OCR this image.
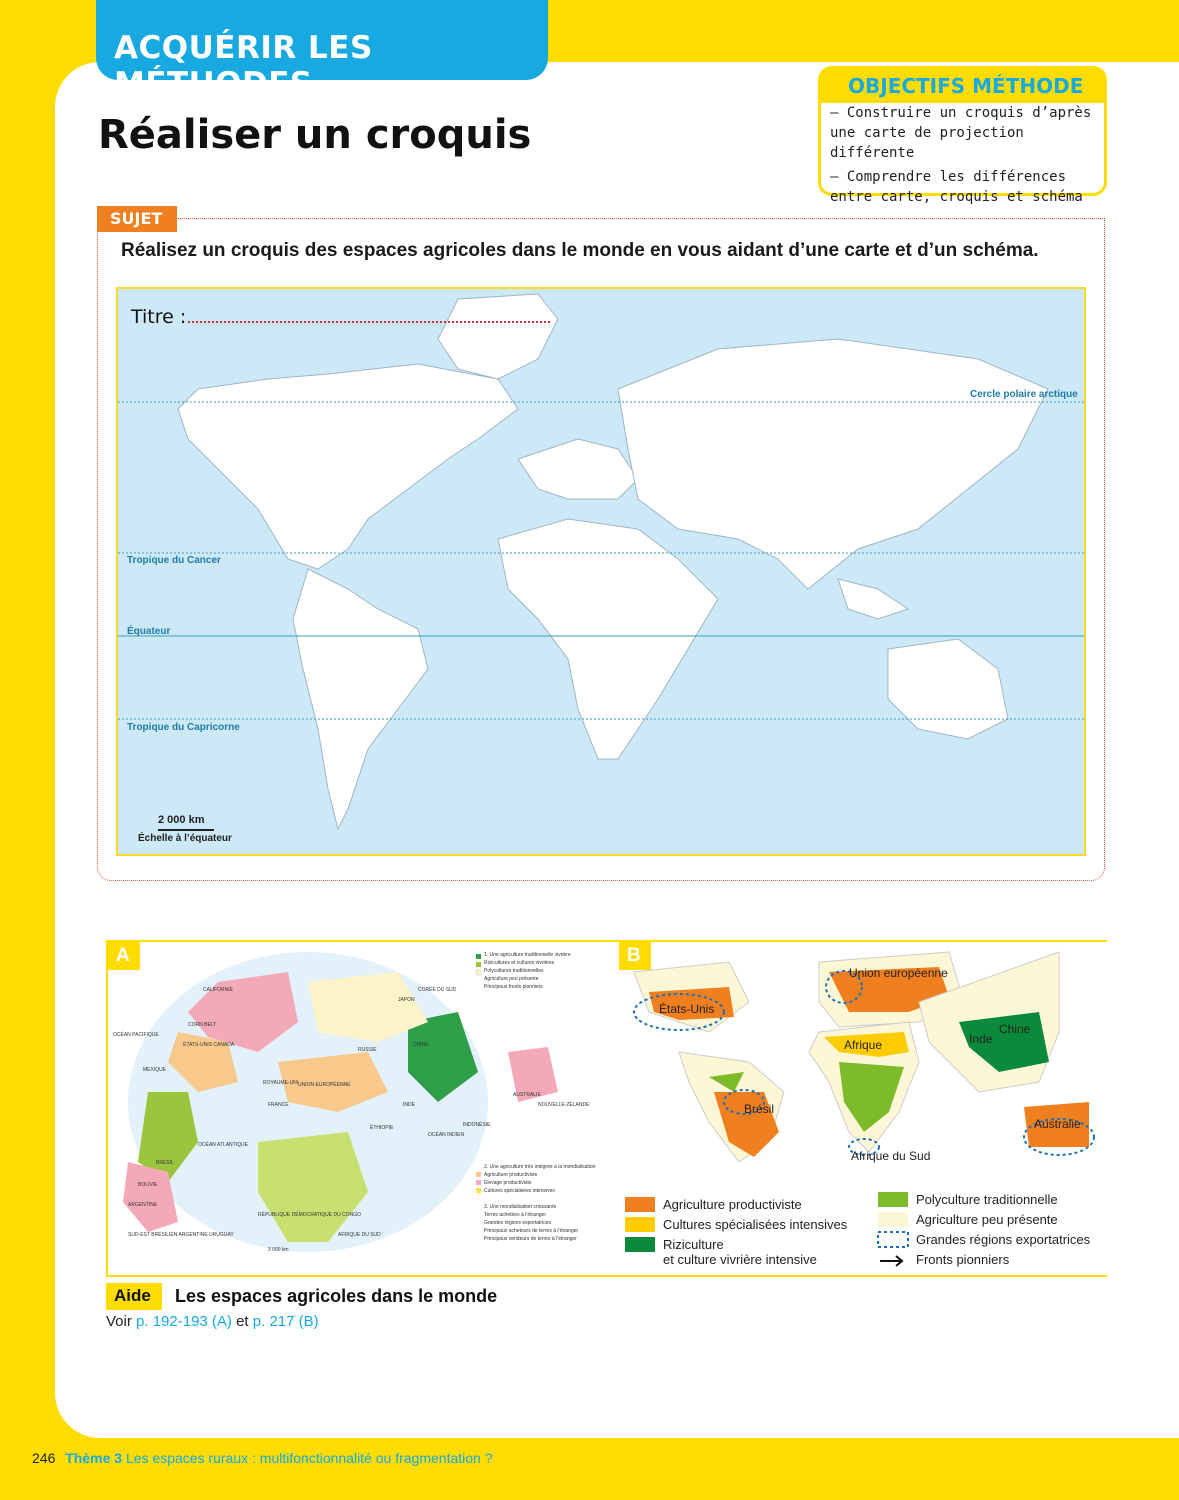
ACQUÉRIR LES MÉTHODES
Réaliser un croquis
OBJECTIFS MÉTHODE
– Construire un croquis d’après une carte de projection différente
– Comprendre les différences entre carte, croquis et schéma
SUJET
Réalisez un croquis des espaces agricoles dans le monde en vous aidant d’une carte et d’un schéma.
Titre :
Cercle polaire arctique
Tropique du Cancer
Équateur
Tropique du Capricorne
2 000 km
Échelle à l’équateur
A
CALIFORNIE
ÉTATS-UNIS CANADA
CORN BELT
MEXIQUE
OCÉAN PACIFIQUE
OCÉAN ATLANTIQUE
BRÉSIL
BOLIVIE
ARGENTINE
SUD-EST BRÉSILIEN ARGENTINE URUGUAY
ROYAUME-UNI
FRANCE
UNION EUROPÉENNE
RUSSIE
CHINE
JAPON
CORÉE DU SUD
INDE
INDONÉSIE
AUSTRALIE
NOUVELLE-ZÉLANDE
AFRIQUE DU SUD
ÉTHIOPIE
OCÉAN INDIEN
RÉPUBLIQUE DÉMOCRATIQUE DU CONGO
1. Une agriculture traditionnelle vivrière
Rizicultures et cultures vivrières
Polycultures traditionnelles
Agriculture peu présente
Principaux fronts pionniers
2. Une agriculture très intégrée à la mondialisation
Agriculture productiviste
Élevage productiviste
Cultures spécialisées intensives
3. Une mondialisation croissante
Terres achetées à l’étranger
Grandes régions exportatrices
Principaux acheteurs de terres à l’étranger
Principaux vendeurs de terres à l’étranger
3 000 km
B
Union européenne
États-Unis
Afrique
Chine
Inde
Brésil
Australie
Afrique du Sud
Agriculture productiviste
Cultures spécialisées intensives
Riziculture
et culture vivrière intensive
Polyculture traditionnelle
Agriculture peu présente
Grandes régions exportatrices
Fronts pionniers
Aide	Les espaces agricoles dans le monde
Voir p. 192-193 (A) et p. 217 (B)
246 Thème 3 Les espaces ruraux : multifonctionnalité ou fragmentation ?
